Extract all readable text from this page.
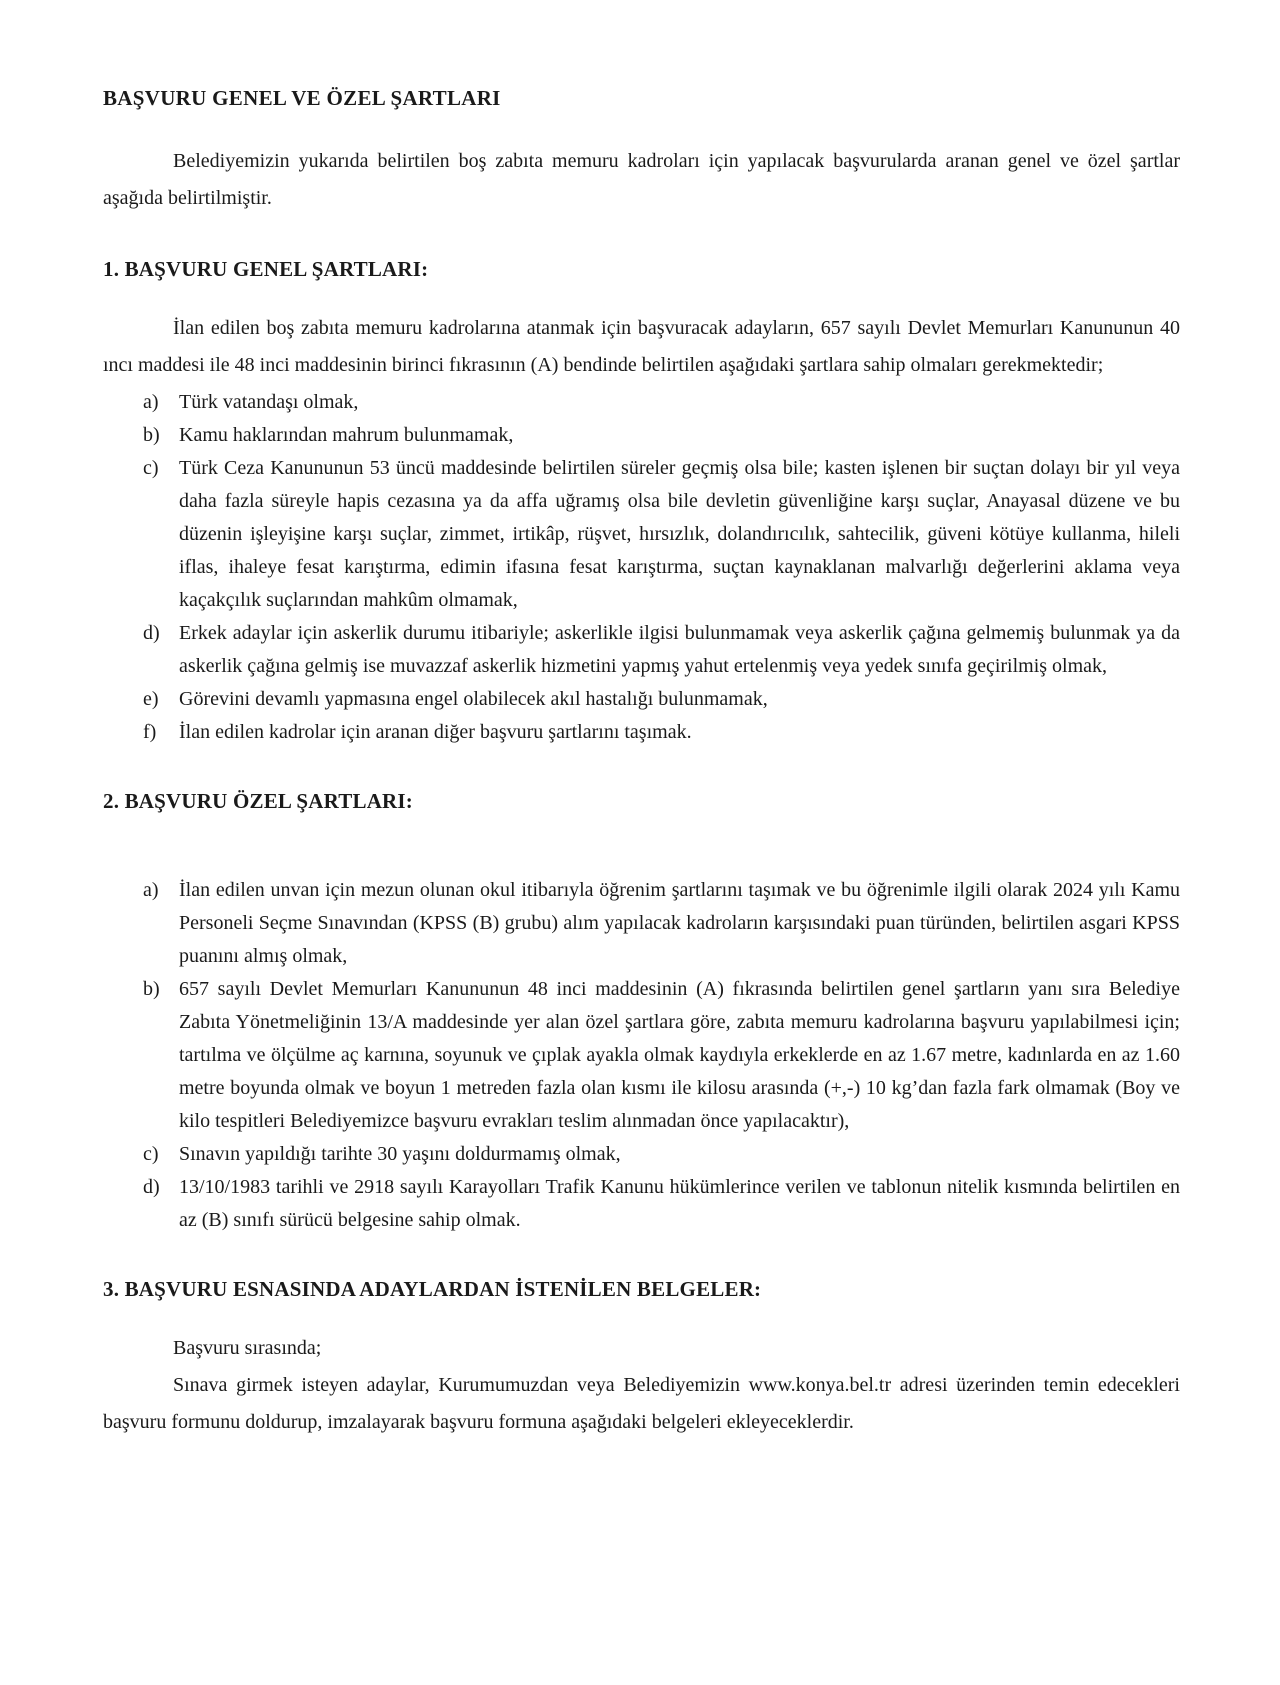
BAŞVURU GENEL VE ÖZEL ŞARTLARI

Belediyemizin yukarıda belirtilen boş zabıta memuru kadroları için yapılacak başvurularda aranan genel ve özel şartlar aşağıda belirtilmiştir.

1. BAŞVURU GENEL ŞARTLARI:

İlan edilen boş zabıta memuru kadrolarına atanmak için başvuracak adayların, 657 sayılı Devlet Memurları Kanununun 40 ıncı maddesi ile 48 inci maddesinin birinci fıkrasının (A) bendinde belirtilen aşağıdaki şartlara sahip olmaları gerekmektedir;

a)	Türk vatandaşı olmak,
b) Kamu haklarından mahrum bulunmamak,
c)	Türk Ceza Kanununun 53 üncü maddesinde belirtilen süreler geçmiş olsa bile; kasten işlenen bir suçtan dolayı bir yıl veya daha fazla süreyle hapis cezasına ya da affa uğramış olsa bile devletin güvenliğine karşı suçlar, Anayasal düzene ve bu düzenin işleyişine karşı suçlar, zimmet, irtikâp, rüşvet, hırsızlık, dolandırıcılık, sahtecilik, güveni kötüye kullanma, hileli iflas, ihaleye fesat karıştırma, edimin ifasına fesat karıştırma, suçtan kaynaklanan malvarlığı değerlerini aklama veya kaçakçılık suçlarından mahkûm olmamak,
d) Erkek adaylar için askerlik durumu itibariyle; askerlikle ilgisi bulunmamak veya askerlik çağına gelmemiş bulunmak ya da askerlik çağına gelmiş ise muvazzaf askerlik hizmetini yapmış yahut ertelenmiş veya yedek sınıfa geçirilmiş olmak,
e)	Görevini devamlı yapmasına engel olabilecek akıl hastalığı bulunmamak,
f)	İlan edilen kadrolar için aranan diğer başvuru şartlarını taşımak.
2. BAŞVURU ÖZEL ŞARTLARI:
a)	İlan edilen unvan için mezun olunan okul itibarıyla öğrenim şartlarını taşımak ve bu öğrenimle ilgili olarak 2024 yılı Kamu Personeli Seçme Sınavından (KPSS (B) grubu) alım yapılacak kadroların karşısındaki puan türünden, belirtilen asgari KPSS puanını almış olmak,
b) 657 sayılı Devlet Memurları Kanununun 48 inci maddesinin (A) fıkrasında belirtilen genel şartların yanı sıra Belediye Zabıta Yönetmeliğinin 13/A maddesinde yer alan özel şartlara göre, zabıta memuru kadrolarına başvuru yapılabilmesi için; tartılma ve ölçülme aç karnına, soyunuk ve çıplak ayakla olmak kaydıyla erkeklerde en az 1.67 metre, kadınlarda en az 1.60 metre boyunda olmak ve boyun 1 metreden fazla olan kısmı ile kilosu arasında (+,-) 10 kg’dan fazla fark olmamak (Boy ve kilo tespitleri Belediyemizce başvuru evrakları teslim alınmadan önce yapılacaktır),
c)	Sınavın yapıldığı tarihte 30 yaşını doldurmamış olmak,
d) 13/10/1983 tarihli ve 2918 sayılı Karayolları Trafik Kanunu hükümlerince verilen ve tablonun nitelik kısmında belirtilen en az (B) sınıfı sürücü belgesine sahip olmak.
3. BAŞVURU ESNASINDA ADAYLARDAN İSTENİLEN BELGELER:

Başvuru sırasında;

Sınava girmek isteyen adaylar, Kurumumuzdan veya Belediyemizin www.konya.bel.tr adresi üzerinden temin edecekleri başvuru formunu doldurup, imzalayarak başvuru formuna aşağıdaki belgeleri ekleyeceklerdir.
